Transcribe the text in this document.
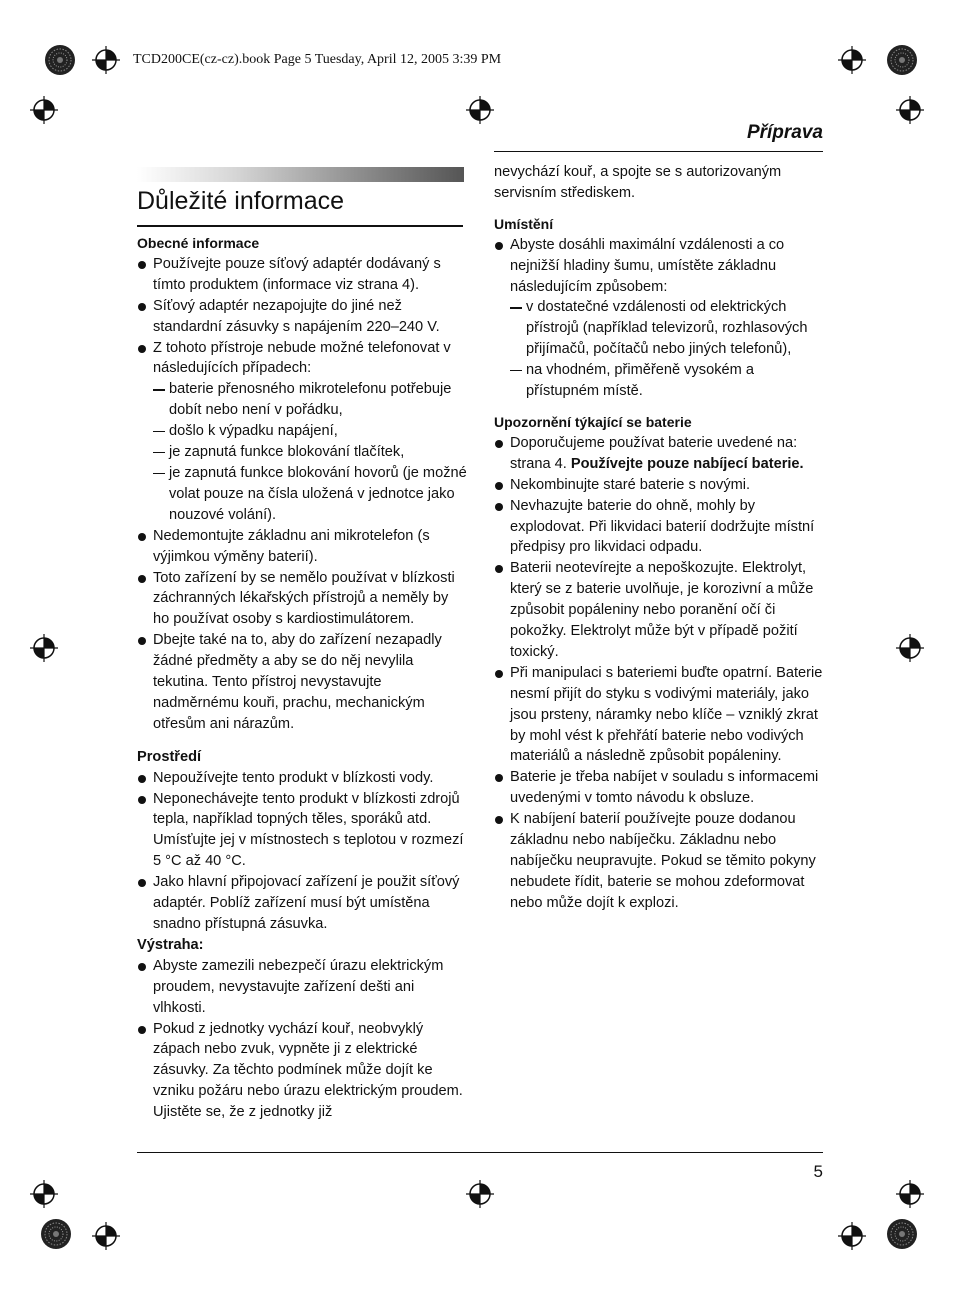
TCD200CE(cz-cz).book Page 5 Tuesday, April 12, 2005 3:39 PM
Příprava
Důležité informace

Obecné informace

Používejte pouze síťový adaptér dodávaný s tímto produktem (informace viz strana 4).

Síťový adaptér nezapojujte do jiné než standardní zásuvky s napájením 220–240 V.

Z tohoto přístroje nebude možné telefonovat v následujících případech:

baterie přenosného mikrotelefonu potřebuje dobít nebo není v pořádku,

došlo k výpadku napájení,

je zapnutá funkce blokování tlačítek,

je zapnutá funkce blokování hovorů (je možné volat pouze na čísla uložená v jednotce jako nouzové volání).

Nedemontujte základnu ani mikrotelefon (s výjimkou výměny baterií).

Toto zařízení by se nemělo používat v blízkosti záchranných lékařských přístrojů a neměly by ho používat osoby s kardiostimulátorem.

Dbejte také na to, aby do zařízení nezapadly žádné předměty a aby se do něj nevylila tekutina. Tento přístroj nevystavujte nadměrnému kouři, prachu, mechanickým otřesům ani nárazům.

Prostředí

Nepoužívejte tento produkt v blízkosti vody.

Neponechávejte tento produkt v blízkosti zdrojů tepla, například topných těles, sporáků atd. Umísťujte jej v místnostech s teplotou v rozmezí 5 °C až 40 °C.

Jako hlavní připojovací zařízení je použit síťový adaptér. Poblíž zařízení musí být umístěna snadno přístupná zásuvka.

Výstraha:

Abyste zamezili nebezpečí úrazu elektrickým proudem, nevystavujte zařízení dešti ani vlhkosti.

Pokud z jednotky vychází kouř, neobvyklý zápach nebo zvuk, vypněte ji z elektrické zásuvky. Za těchto podmínek může dojít ke vzniku požáru nebo úrazu elektrickým proudem. Ujistěte se, že z jednotky již

nevychází kouř, a spojte se s autorizovaným servisním střediskem.

Umístění

Abyste dosáhli maximální vzdálenosti a co nejnižší hladiny šumu, umístěte základnu následujícím způsobem:

v dostatečné vzdálenosti od elektrických přístrojů (například televizorů, rozhlasových přijímačů, počítačů nebo jiných telefonů),

na vhodném, přiměřeně vysokém a přístupném místě.

Upozornění týkající se baterie

Doporučujeme používat baterie uvedené na: strana 4. Používejte pouze nabíjecí baterie.

Nekombinujte staré baterie s novými.

Nevhazujte baterie do ohně, mohly by explodovat. Při likvidaci baterií dodržujte místní předpisy pro likvidaci odpadu.

Baterii neotevírejte a nepoškozujte. Elektrolyt, který se z baterie uvolňuje, je korozivní a může způsobit popáleniny nebo poranění očí či pokožky. Elektrolyt může být v případě požití toxický.

Při manipulaci s bateriemi buďte opatrní. Baterie nesmí přijít do styku s vodivými materiály, jako jsou prsteny, náramky nebo klíče – vzniklý zkrat by mohl vést k přehřátí baterie nebo vodivých materiálů a následně způsobit popáleniny.

Baterie je třeba nabíjet v souladu s informacemi uvedenými v tomto návodu k obsluze.

K nabíjení baterií používejte pouze dodanou základnu nebo nabíječku. Základnu nebo nabíječku neupravujte. Pokud se těmito pokyny nebudete řídit, baterie se mohou zdeformovat nebo může dojít k explozi.

5
